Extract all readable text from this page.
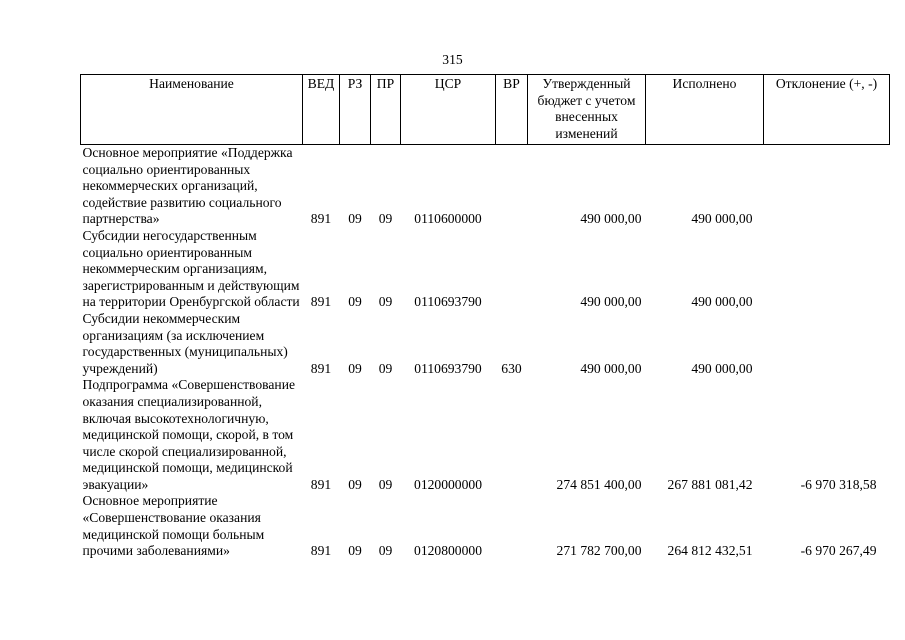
315
Наименование	ВЕД	РЗ	ПР	ЦСР	ВР	Утвержденный бюджет с учетом внесенных изменений	Исполнено	Отклонение (+, -)
Основное мероприятие «Поддержка социально ориентированных некоммерческих организаций, содействие развитию социального партнерства»	891	09	09	0110600000		490 000,00	490 000,00	
Субсидии негосударственным социально ориентированным некоммерческим организациям, зарегистрированным и действующим на территории Оренбургской области	891	09	09	0110693790		490 000,00	490 000,00	
Субсидии некоммерческим организациям (за исключением государственных (муниципальных) учреждений)	891	09	09	0110693790	630	490 000,00	490 000,00	
Подпрограмма «Совершенствование оказания специализированной, включая высокотехнологичную, медицинской помощи, скорой, в том числе скорой специализированной, медицинской помощи, медицинской эвакуации»	891	09	09	0120000000		274 851 400,00	267 881 081,42	-6 970 318,58
Основное мероприятие «Совершенствование оказания медицинской помощи больным прочими заболеваниями»	891	09	09	0120800000		271 782 700,00	264 812 432,51	-6 970 267,49
